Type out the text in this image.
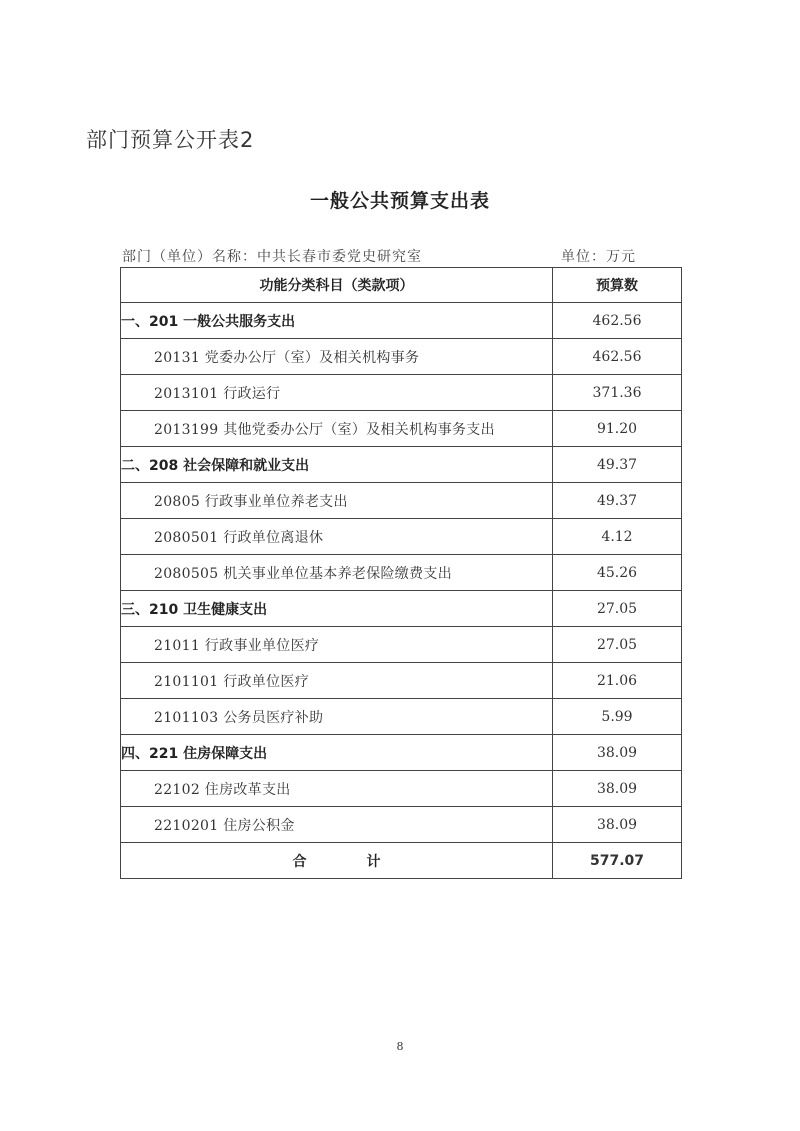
部门预算公开表2
一般公共预算支出表
部门（单位）名称：中共长春市委党史研究室	单位：万元
功能分类科目（类款项）	预算数
一、201 一般公共服务支出	462.56
20131 党委办公厅（室）及相关机构事务	462.56
2013101 行政运行	371.36
2013199 其他党委办公厅（室）及相关机构事务支出	91.20
二、208 社会保障和就业支出	49.37
20805 行政事业单位养老支出	49.37
2080501 行政单位离退休	4.12
2080505 机关事业单位基本养老保险缴费支出	45.26
三、210 卫生健康支出	27.05
21011 行政事业单位医疗	27.05
2101101 行政单位医疗	21.06
2101103 公务员医疗补助	5.99
四、221 住房保障支出	38.09
22102 住房改革支出	38.09
2210201 住房公积金	38.09
合 计	577.07
8
